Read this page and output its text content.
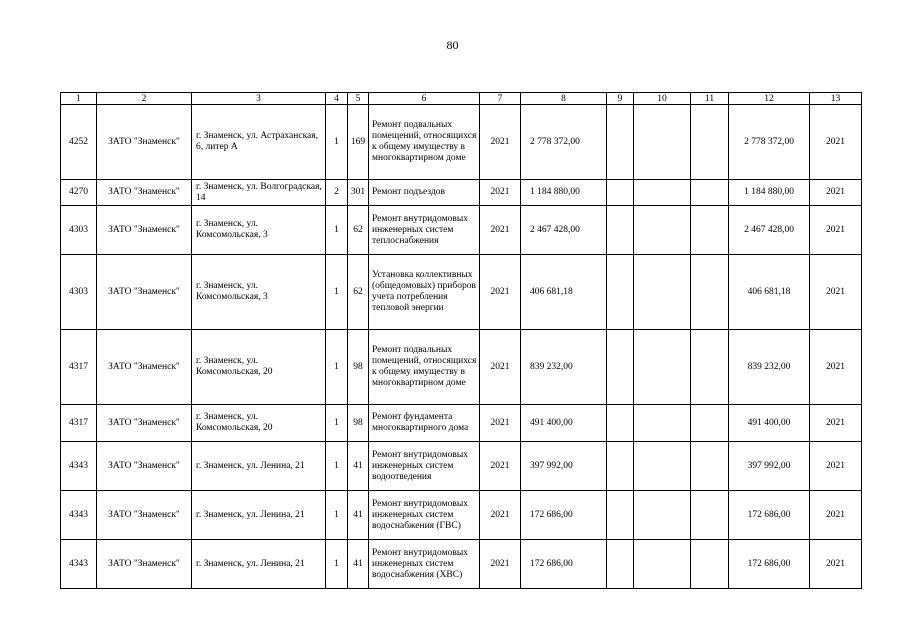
80
1	2	3	4	5	6	7	8	9	10	11	12	13
4252	ЗАТО "Знаменск"	г. Знаменск, ул. Астраханская, 6, литер А	1	169	Ремонт подвальных помещений, относящихся к общему имуществу в многоквартирном доме	2021	2 778 372,00				2 778 372,00	2021
4270	ЗАТО "Знаменск"	г. Знаменск, ул. Волгоградская, 14	2	301	Ремонт подъездов	2021	1 184 880,00				1 184 880,00	2021
4303	ЗАТО "Знаменск"	г. Знаменск, ул. Комсомольская, 3	1	62	Ремонт внутридомовых инженерных систем теплоснабжения	2021	2 467 428,00				2 467 428,00	2021
4303	ЗАТО "Знаменск"	г. Знаменск, ул. Комсомольская, 3	1	62	Установка коллективных (общедомовых) приборов учета потребления тепловой энергии	2021	406 681,18				406 681,18	2021
4317	ЗАТО "Знаменск"	г. Знаменск, ул. Комсомольская, 20	1	98	Ремонт подвальных помещений, относящихся к общему имуществу в многоквартирном доме	2021	839 232,00				839 232,00	2021
4317	ЗАТО "Знаменск"	г. Знаменск, ул. Комсомольская, 20	1	98	Ремонт фундамента многоквартирного дома	2021	491 400,00				491 400,00	2021
4343	ЗАТО "Знаменск"	г. Знаменск, ул. Ленина, 21	1	41	Ремонт внутридомовых инженерных систем водоотведения	2021	397 992,00				397 992,00	2021
4343	ЗАТО "Знаменск"	г. Знаменск, ул. Ленина, 21	1	41	Ремонт внутридомовых инженерных систем водоснабжения (ГВС)	2021	172 686,00				172 686,00	2021
4343	ЗАТО "Знаменск"	г. Знаменск, ул. Ленина, 21	1	41	Ремонт внутридомовых инженерных систем водоснабжения (ХВС)	2021	172 686,00				172 686,00	2021
